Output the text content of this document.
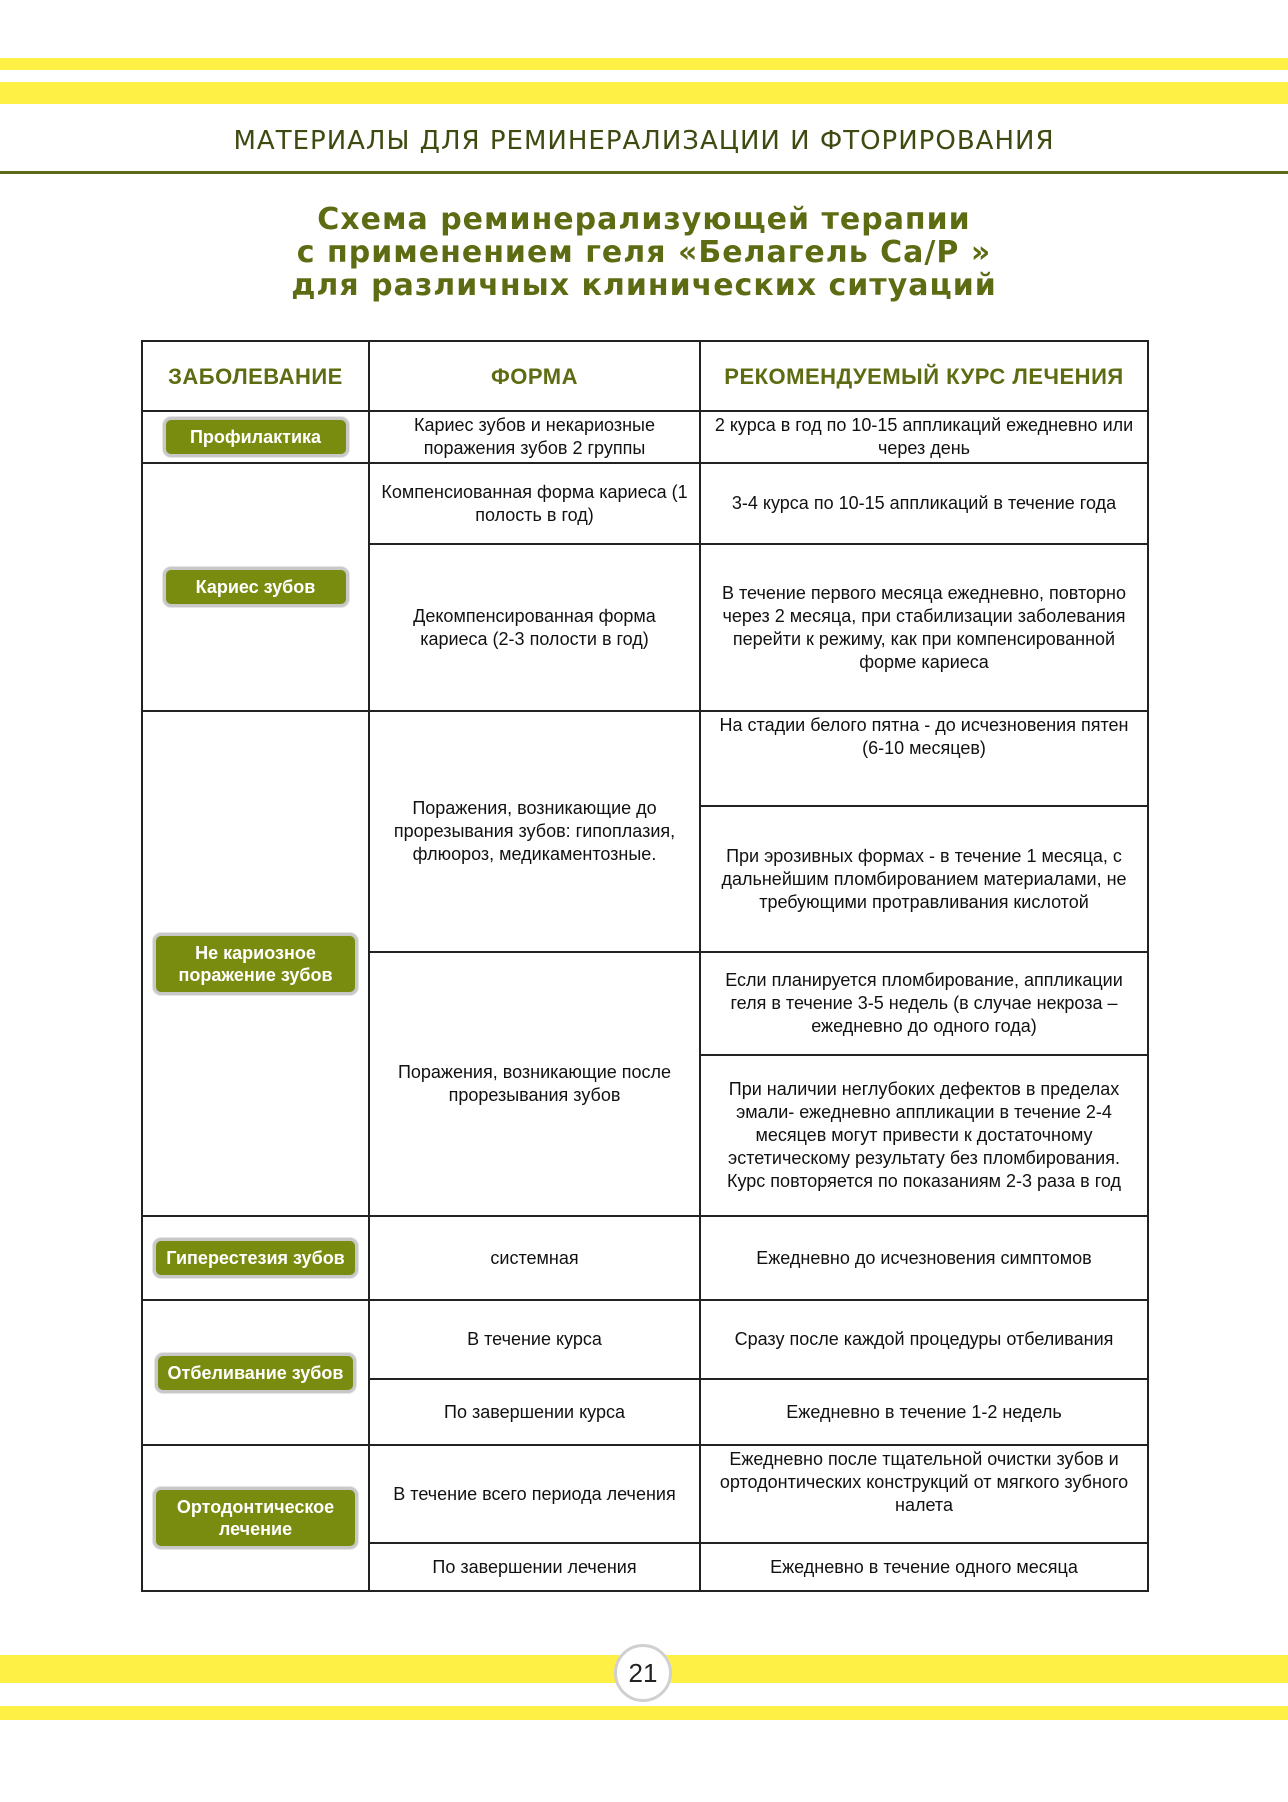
МАТЕРИАЛЫ ДЛЯ РЕМИНЕРАЛИЗАЦИИ И ФТОРИРОВАНИЯ
Схема реминерализующей терапии
с применением геля «Белагель Са/Р »
для различных клинических ситуаций
ЗАБОЛЕВАНИЕ	ФОРМА	РЕКОМЕНДУЕМЫЙ КУРС ЛЕЧЕНИЯ
Профилактика	Кариес зубов и некариозные поражения зубов 2 группы	2 курса в год по 10-15 аппликаций ежедневно или через день
Кариес зубов	Компенсиованная форма кариеса (1 полость в год)	3-4 курса по 10-15 аппликаций в течение года
	Декомпенсированная форма кариеса (2-3 полости в год)	В течение первого месяца ежедневно, повторно через 2 месяца, при стабилизации заболевания перейти к режиму, как при компенсированной форме кариеса
Не кариозное поражение зубов	Поражения, возникающие до прорезывания зубов: гипоплазия, флюороз, медикаментозные.	На стадии белого пятна - до исчезновения пятен
(6-10 месяцев)
		При эрозивных формах - в течение 1 месяца, с дальнейшим пломбированием материалами, не требующими протравливания кислотой
	Поражения, возникающие после прорезывания зубов	Если планируется пломбирование, аппликации геля в течение 3-5 недель (в случае некроза – ежедневно до одного года)
		При наличии неглубоких дефектов в пределах эмали- ежедневно аппликации в течение 2-4 месяцев могут привести к достаточному эстетическому результату без пломбирования. Курс повторяется по показаниям 2-3 раза в год
Гиперестезия зубов	системная	Ежедневно до исчезновения симптомов
Отбеливание зубов	В течение курса	Сразу после каждой процедуры отбеливания
	По завершении курса	Ежедневно в течение 1-2 недель
Ортодонтическое лечение	В течение всего периода лечения	Ежедневно после тщательной очистки зубов и ортодонтических конструкций от мягкого зубного налета
	По завершении лечения	Ежедневно в течение одного месяца
21
